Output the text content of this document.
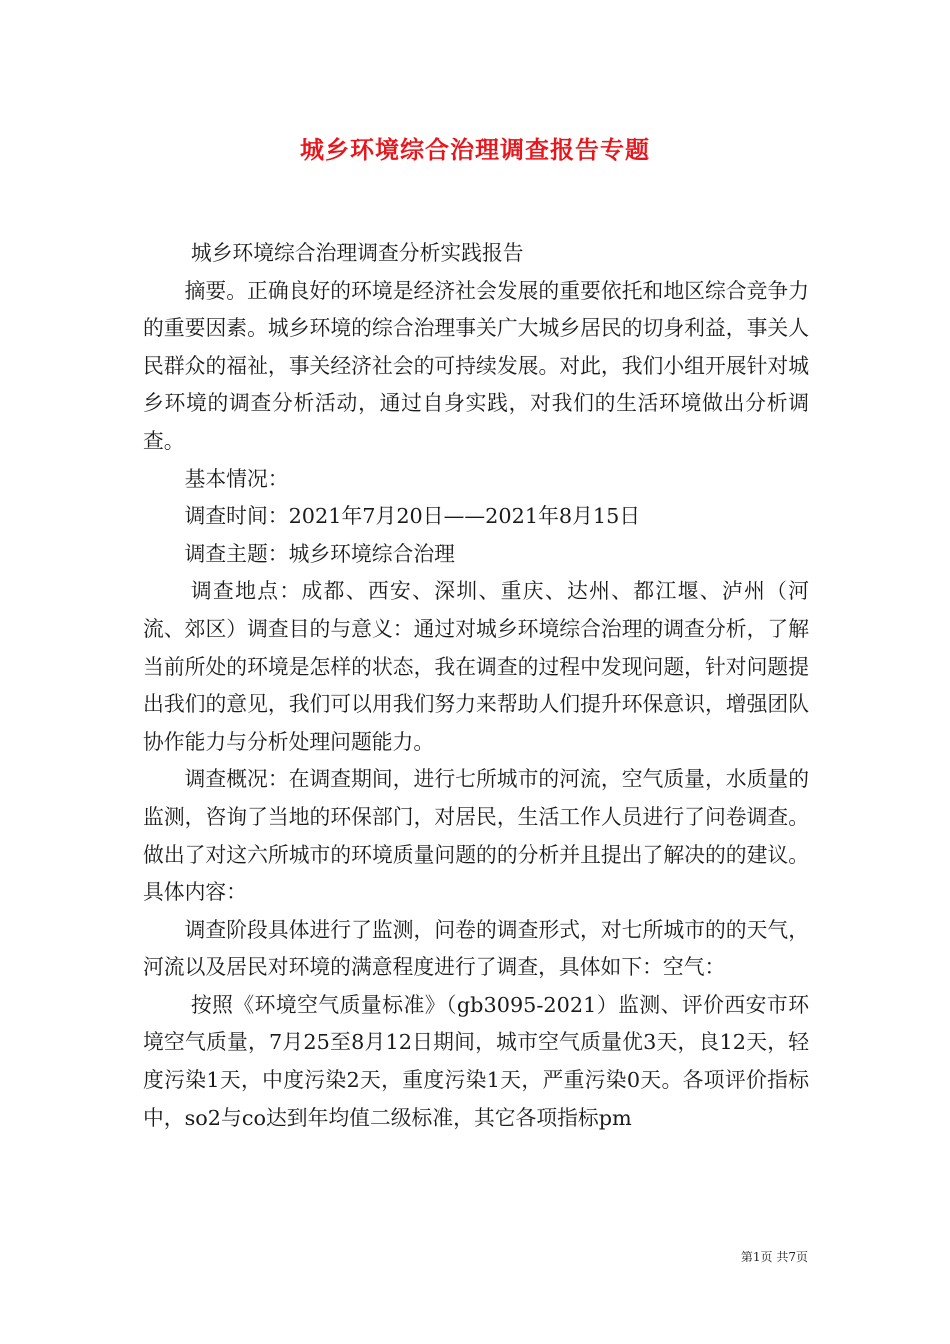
城乡环境综合治理调查报告专题

城乡环境综合治理调查分析实践报告

摘要。正确良好的环境是经济社会发展的重要依托和地区综合竞争力的重要因素。城乡环境的综合治理事关广大城乡居民的切身利益，事关人民群众的福祉，事关经济社会的可持续发展。对此，我们小组开展针对城乡环境的调查分析活动，通过自身实践，对我们的生活环境做出分析调查。

基本情况：

调查时间：2021年7月20日——2021年8月15日

调查主题：城乡环境综合治理

调查地点：成都、西安、深圳、重庆、达州、都江堰、泸州（河流、郊区）调查目的与意义：通过对城乡环境综合治理的调查分析，了解当前所处的环境是怎样的状态，我在调查的过程中发现问题，针对问题提出我们的意见，我们可以用我们努力来帮助人们提升环保意识，增强团队协作能力与分析处理问题能力。

调查概况：在调查期间，进行七所城市的河流，空气质量，水质量的监测，咨询了当地的环保部门，对居民，生活工作人员进行了问卷调查。做出了对这六所城市的环境质量问题的的分析并且提出了解决的的建议。具体内容：

调查阶段具体进行了监测，问卷的调查形式，对七所城市的的天气，河流以及居民对环境的满意程度进行了调查，具体如下：空气：

按照《环境空气质量标准》（gb3095-2021）监测、评价西安市环境空气质量，7月25至8月12日期间，城市空气质量优3天，良12天，轻度污染1天，中度污染2天，重度污染1天，严重污染0天。各项评价指标中，so2与co达到年均值二级标准，其它各项指标pm

第1页 共7页
